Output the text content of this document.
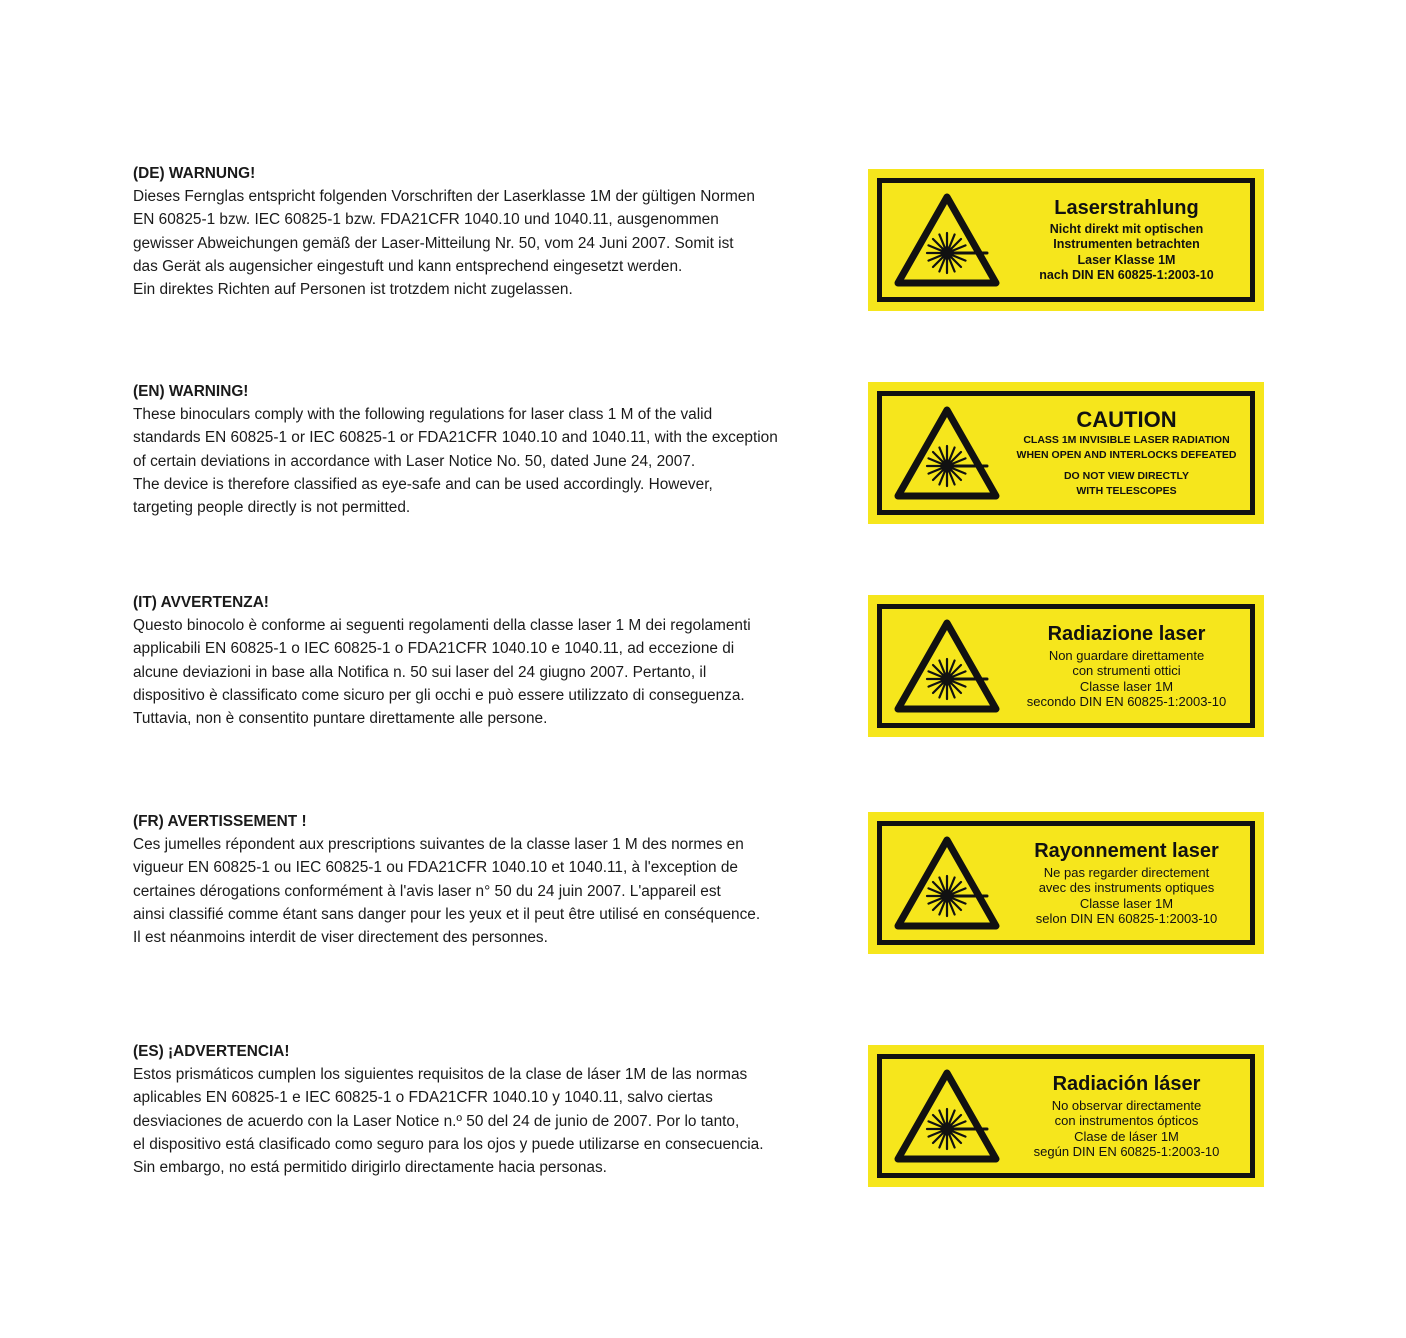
(DE) WARNUNG!
Dieses Fernglas entspricht folgenden Vorschriften der Laserklasse 1M der gültigen Normen
EN 60825-1 bzw. IEC 60825-1 bzw. FDA21CFR 1040.10 und 1040.11, ausgenommen
gewisser Abweichungen gemäß der Laser-Mitteilung Nr. 50, vom 24 Juni 2007. Somit ist
das Gerät als augensicher eingestuft und kann entsprechend eingesetzt werden.
Ein direktes Richten auf Personen ist trotzdem nicht zugelassen.
Laserstrahlung
Nicht direkt mit optischen
Instrumenten betrachten
Laser Klasse 1M
nach DIN EN 60825-1:2003-10
(EN) WARNING!
These binoculars comply with the following regulations for laser class 1 M of the valid
standards EN 60825-1 or IEC 60825-1 or FDA21CFR 1040.10 and 1040.11, with the exception
of certain deviations in accordance with Laser Notice No. 50, dated June 24, 2007.
The device is therefore classified as eye-safe and can be used accordingly. However,
targeting people directly is not permitted.
CAUTION
CLASS 1M INVISIBLE LASER RADIATION
WHEN OPEN AND INTERLOCKS DEFEATED
DO NOT VIEW DIRECTLY
WITH TELESCOPES
(IT) AVVERTENZA!
Questo binocolo è conforme ai seguenti regolamenti della classe laser 1 M dei regolamenti
applicabili EN 60825-1 o IEC 60825-1 o FDA21CFR 1040.10 e 1040.11, ad eccezione di
alcune deviazioni in base alla Notifica n. 50 sui laser del 24 giugno 2007. Pertanto, il
dispositivo è classificato come sicuro per gli occhi e può essere utilizzato di conseguenza.
Tuttavia, non è consentito puntare direttamente alle persone.
Radiazione laser
Non guardare direttamente
con strumenti ottici
Classe laser 1M
secondo DIN EN 60825-1:2003-10
(FR) AVERTISSEMENT !
Ces jumelles répondent aux prescriptions suivantes de la classe laser 1 M des normes en
vigueur EN 60825-1 ou IEC 60825-1 ou FDA21CFR 1040.10 et 1040.11, à l'exception de
certaines dérogations conformément à l'avis laser n° 50 du 24 juin 2007. L'appareil est
ainsi classifié comme étant sans danger pour les yeux et il peut être utilisé en conséquence.
Il est néanmoins interdit de viser directement des personnes.
Rayonnement laser
Ne pas regarder directement
avec des instruments optiques
Classe laser 1M
selon DIN EN 60825-1:2003-10
(ES) ¡ADVERTENCIA!
Estos prismáticos cumplen los siguientes requisitos de la clase de láser 1M de las normas
aplicables EN 60825-1 e IEC 60825-1 o FDA21CFR 1040.10 y 1040.11, salvo ciertas
desviaciones de acuerdo con la Laser Notice n.º 50 del 24 de junio de 2007. Por lo tanto,
el dispositivo está clasificado como seguro para los ojos y puede utilizarse en consecuencia.
Sin embargo, no está permitido dirigirlo directamente hacia personas.
Radiación láser
No observar directamente
con instrumentos ópticos
Clase de láser 1M
según DIN EN 60825-1:2003-10
